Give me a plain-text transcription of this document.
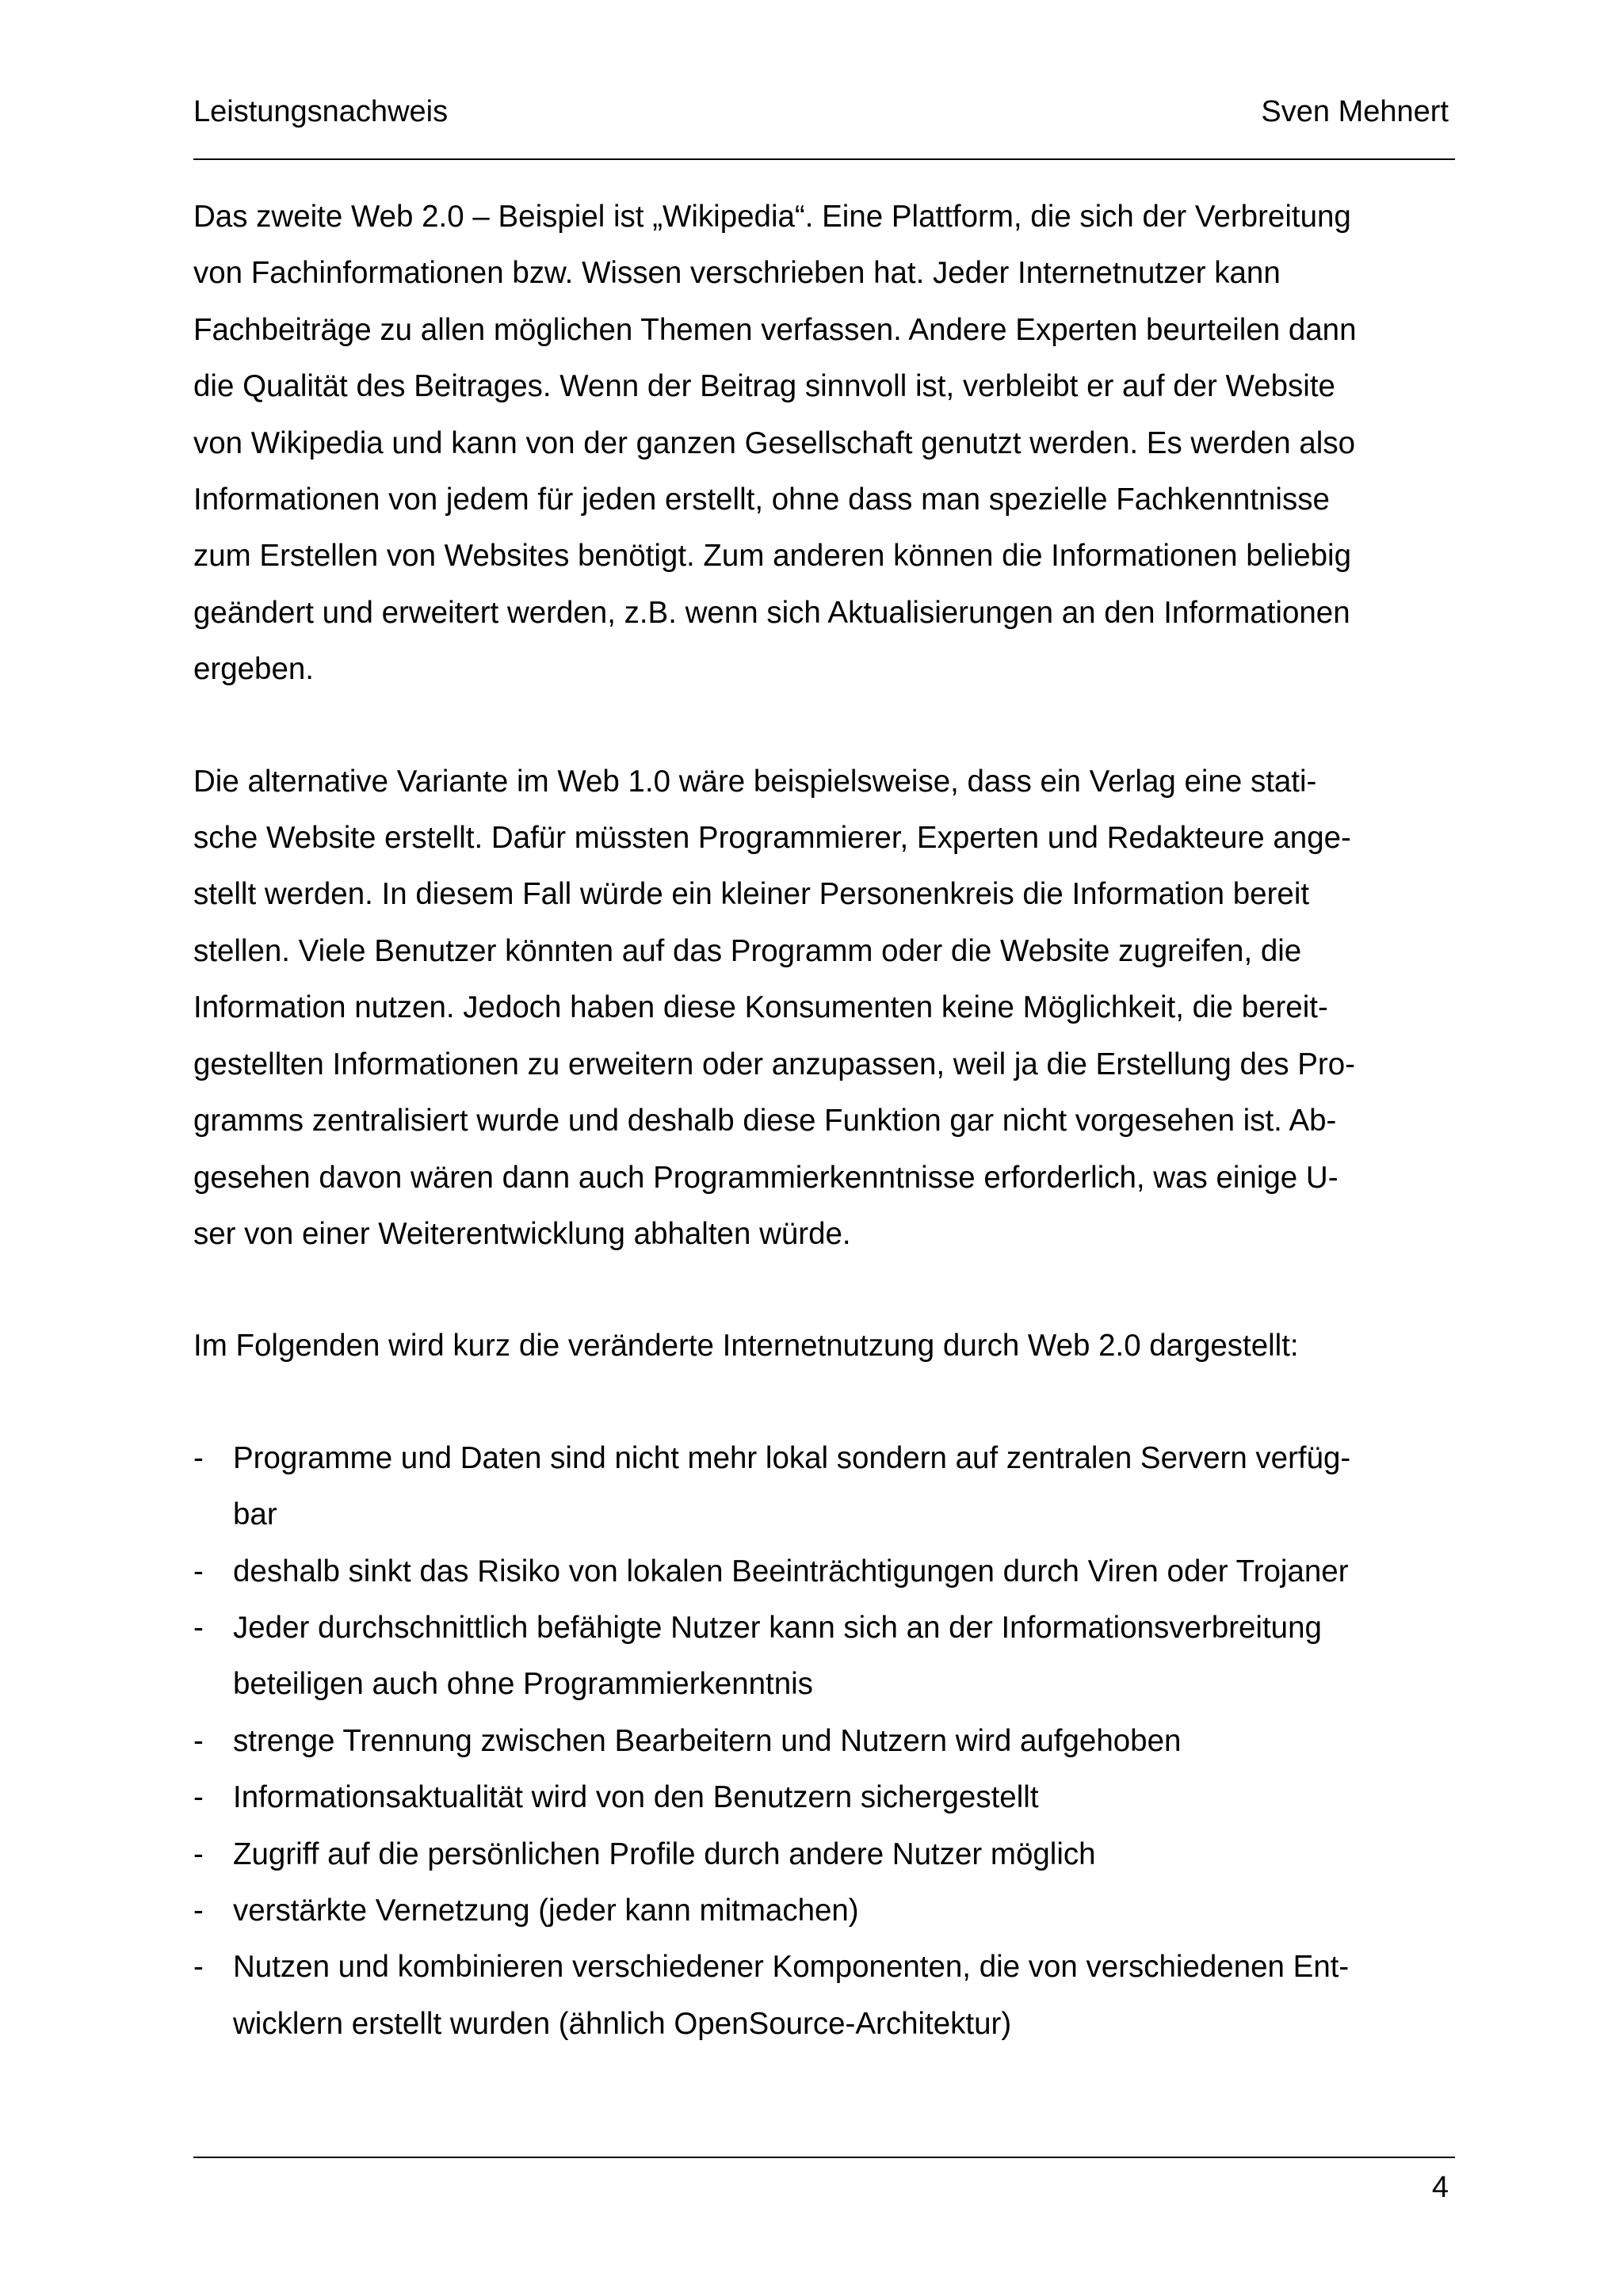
Leistungsnachweis	Sven Mehnert

Das zweite Web 2.0 – Beispiel ist „Wikipedia“. Eine Plattform, die sich der Verbreitung
von Fachinformationen bzw. Wissen verschrieben hat. Jeder Internetnutzer kann
Fachbeiträge zu allen möglichen Themen verfassen. Andere Experten beurteilen dann
die Qualität des Beitrages. Wenn der Beitrag sinnvoll ist, verbleibt er auf der Website
von Wikipedia und kann von der ganzen Gesellschaft genutzt werden. Es werden also
Informationen von jedem für jeden erstellt, ohne dass man spezielle Fachkenntnisse
zum Erstellen von Websites benötigt. Zum anderen können die Informationen beliebig
geändert und erweitert werden, z.B. wenn sich Aktualisierungen an den Informationen
ergeben.

Die alternative Variante im Web 1.0 wäre beispielsweise, dass ein Verlag eine stati-
sche Website erstellt. Dafür müssten Programmierer, Experten und Redakteure ange-
stellt werden. In diesem Fall würde ein kleiner Personenkreis die Information bereit
stellen. Viele Benutzer könnten auf das Programm oder die Website zugreifen, die
Information nutzen. Jedoch haben diese Konsumenten keine Möglichkeit, die bereit-
gestellten Informationen zu erweitern oder anzupassen, weil ja die Erstellung des Pro-
gramms zentralisiert wurde und deshalb diese Funktion gar nicht vorgesehen ist. Ab-
gesehen davon wären dann auch Programmierkenntnisse erforderlich, was einige U-
ser von einer Weiterentwicklung abhalten würde.

Im Folgenden wird kurz die veränderte Internetnutzung durch Web 2.0 dargestellt:

- Programme und Daten sind nicht mehr lokal sondern auf zentralen Servern verfüg-
bar
- deshalb sinkt das Risiko von lokalen Beeinträchtigungen durch Viren oder Trojaner
- Jeder durchschnittlich befähigte Nutzer kann sich an der Informationsverbreitung
beteiligen auch ohne Programmierkenntnis
- strenge Trennung zwischen Bearbeitern und Nutzern wird aufgehoben
- Informationsaktualität wird von den Benutzern sichergestellt
- Zugriff auf die persönlichen Profile durch andere Nutzer möglich
- verstärkte Vernetzung (jeder kann mitmachen)
- Nutzen und kombinieren verschiedener Komponenten, die von verschiedenen Ent-
wicklern erstellt wurden (ähnlich OpenSource-Architektur)
4
